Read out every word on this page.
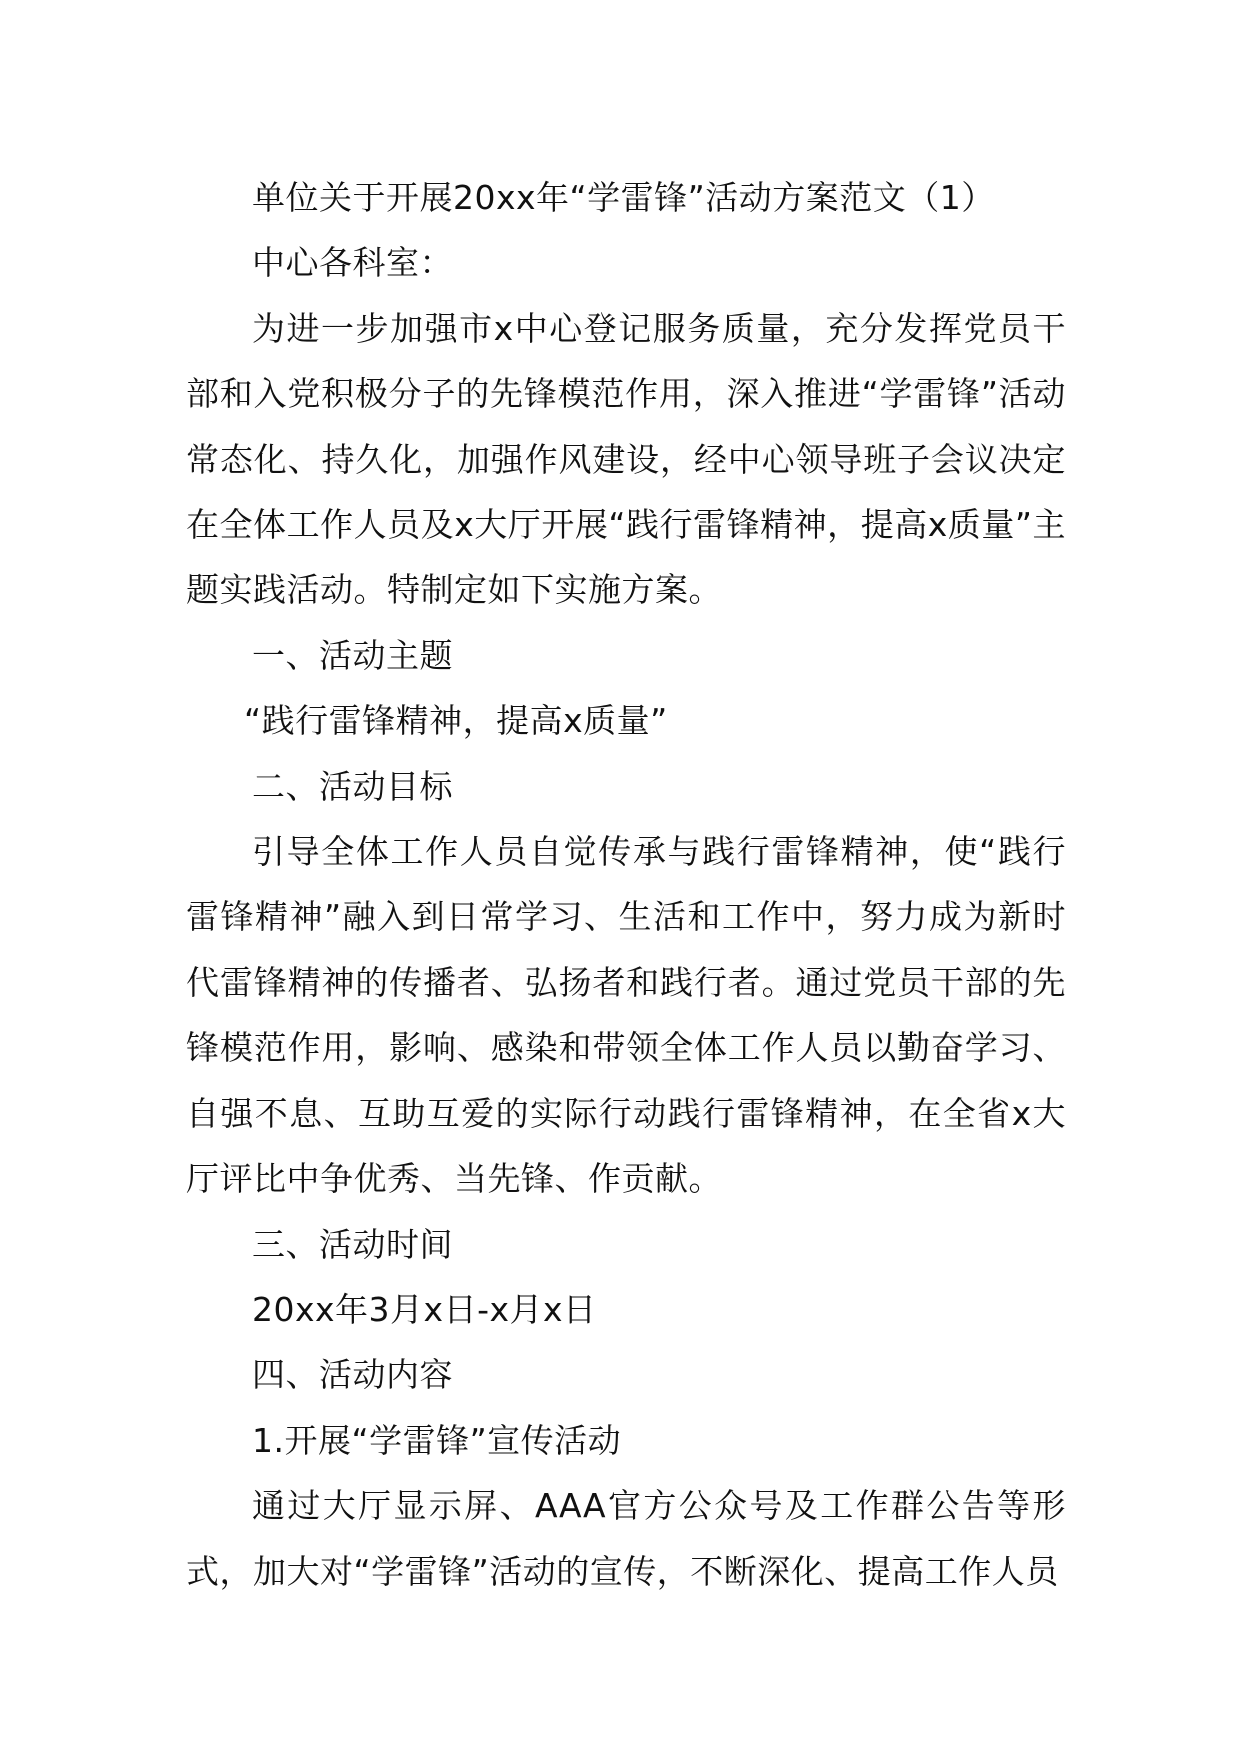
单位关于开展20xx年“学雷锋”活动方案范文（1）

中心各科室：

为进一步加强市x中心登记服务质量，充分发挥党员干部和入党积极分子的先锋模范作用，深入推进“学雷锋”活动常态化、持久化，加强作风建设，经中心领导班子会议决定在全体工作人员及x大厅开展“践行雷锋精神，提高x质量”主题实践活动。特制定如下实施方案。

一、活动主题

“践行雷锋精神，提高x质量”

二、活动目标

引导全体工作人员自觉传承与践行雷锋精神，使“践行雷锋精神”融入到日常学习、生活和工作中，努力成为新时代雷锋精神的传播者、弘扬者和践行者。通过党员干部的先锋模范作用，影响、感染和带领全体工作人员以勤奋学习、自强不息、互助互爱的实际行动践行雷锋精神，在全省x大厅评比中争优秀、当先锋、作贡献。

三、活动时间

20xx年3月x日-x月x日

四、活动内容

1.开展“学雷锋”宣传活动

通过大厅显示屏、AAA官方公众号及工作群公告等形式，加大对“学雷锋”活动的宣传，不断深化、提高工作人员
